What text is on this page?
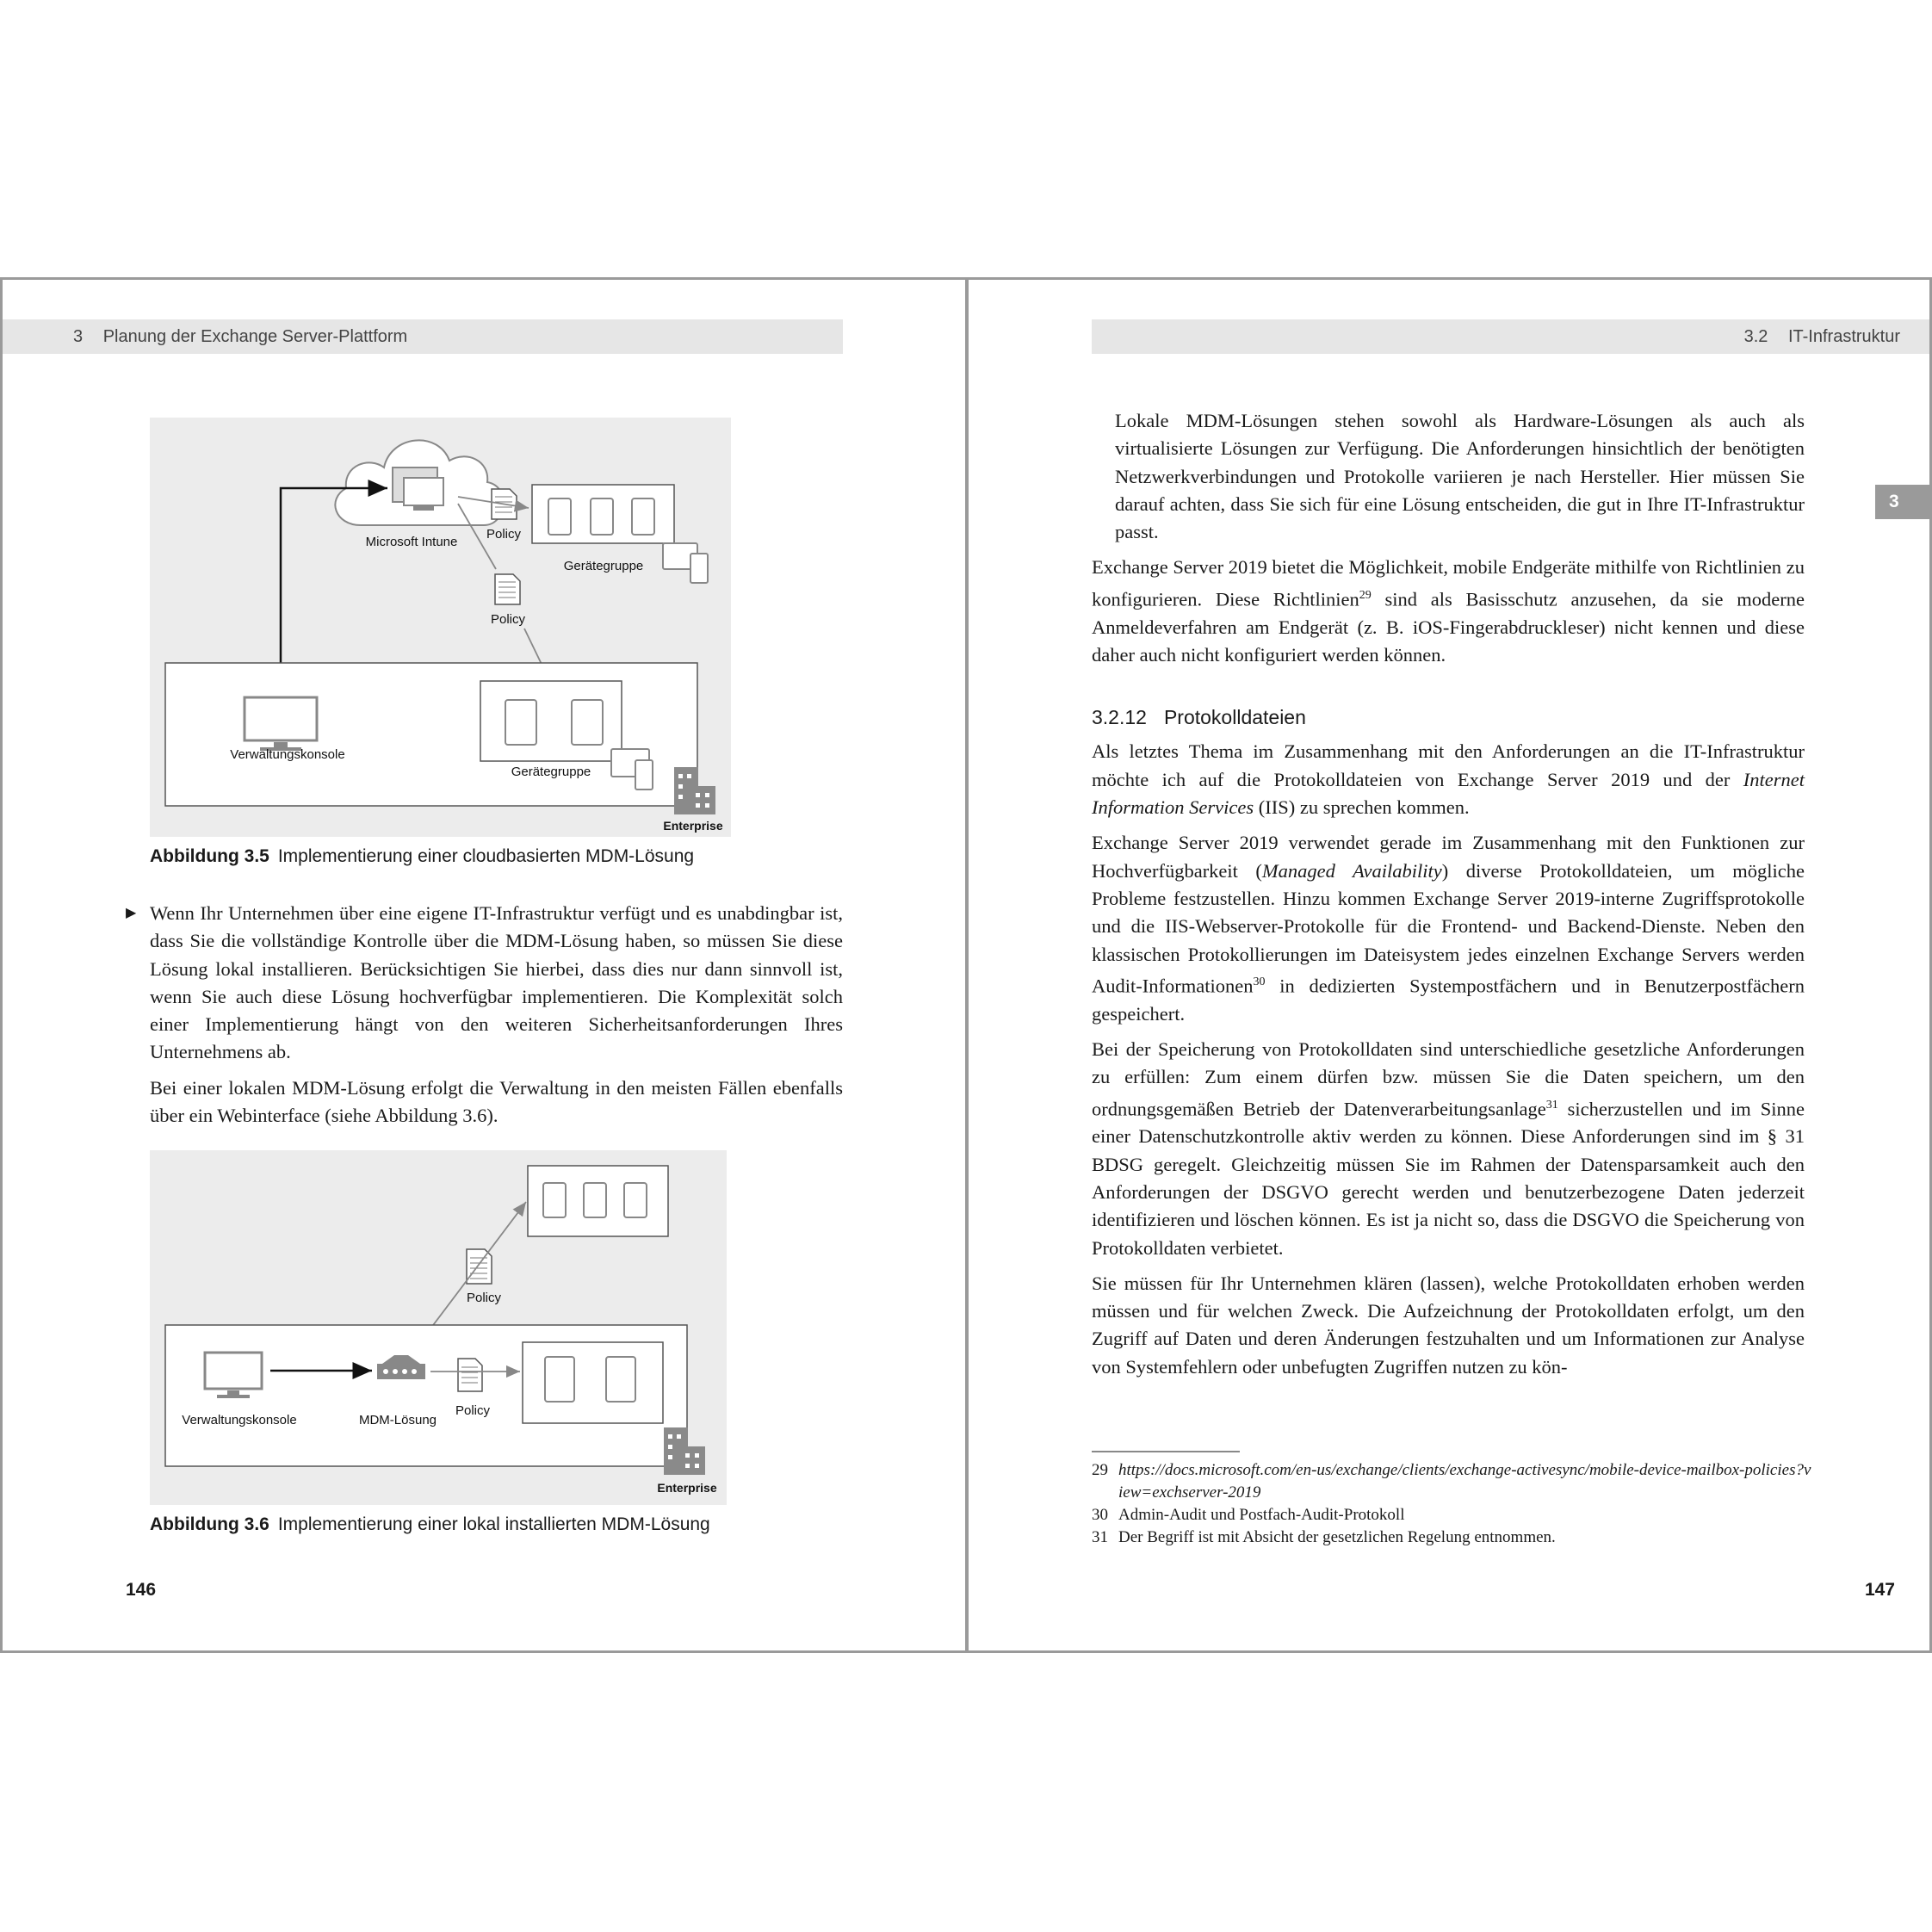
3 Planung der Exchange Server-Plattform
Policy
Gerätegruppe
Microsoft Intune
Policy
Verwaltungskonsole
Gerätegruppe
Enterprise
Abbildung 3.5 Implementierung einer cloudbasierten MDM-Lösung

▶ Wenn Ihr Unternehmen über eine eigene IT-Infrastruktur verfügt und es unabdingbar ist, dass Sie die vollständige Kontrolle über die MDM-Lösung haben, so müssen Sie diese Lösung lokal installieren. Berücksichtigen Sie hierbei, dass dies nur dann sinnvoll ist, wenn Sie auch diese Lösung hochverfügbar implementieren. Die Komplexität solch einer Implementierung hängt von den weiteren Sicherheitsanforderungen Ihres Unternehmens ab.

Bei einer lokalen MDM-Lösung erfolgt die Verwaltung in den meisten Fällen ebenfalls über ein Webinterface (siehe Abbildung 3.6).

Policy
Verwaltungskonsole	MDM-Lösung
Policy
Enterprise
Abbildung 3.6 Implementierung einer lokal installierten MDM-Lösung
146
3.2 IT-Infrastruktur

Lokale MDM-Lösungen stehen sowohl als Hardware-Lösungen als auch als virtualisierte Lösungen zur Verfügung. Die Anforderungen hinsichtlich der benötigten Netzwerkverbindungen und Protokolle variieren je nach Hersteller. Hier müssen Sie darauf achten, dass Sie sich für eine Lösung entscheiden, die gut in Ihre IT-Infrastruktur passt.

Exchange Server 2019 bietet die Möglichkeit, mobile Endgeräte mithilfe von Richtlinien zu konfigurieren. Diese Richtlinien$^{29}$ sind als Basisschutz anzusehen, da sie moderne Anmeldeverfahren am Endgerät (z. B. iOS-Fingerabdruckleser) nicht kennen und diese daher auch nicht konfiguriert werden können.

3.2.12 Protokolldateien

Als letztes Thema im Zusammenhang mit den Anforderungen an die IT-Infrastruktur möchte ich auf die Protokolldateien von Exchange Server 2019 und der Internet Information Services (IIS) zu sprechen kommen.

Exchange Server 2019 verwendet gerade im Zusammenhang mit den Funktionen zur Hochverfügbarkeit (Managed Availability) diverse Protokolldateien, um mögliche Probleme festzustellen. Hinzu kommen Exchange Server 2019-interne Zugriffsprotokolle und die IIS-Webserver-Protokolle für die Frontend- und Backend-Dienste. Neben den klassischen Protokollierungen im Dateisystem jedes einzelnen Exchange Servers werden Audit-Informationen$^{30}$ in dedizierten Systempostfächern und in Benutzerpostfächern gespeichert.

Bei der Speicherung von Protokolldaten sind unterschiedliche gesetzliche Anforderungen zu erfüllen: Zum einem dürfen bzw. müssen Sie die Daten speichern, um den ordnungsgemäßen Betrieb der Datenverarbeitungsanlage$^{31}$ sicherzustellen und im Sinne einer Datenschutzkontrolle aktiv werden zu können. Diese Anforderungen sind im § 31 BDSG geregelt. Gleichzeitig müssen Sie im Rahmen der Datensparsamkeit auch den Anforderungen der DSGVO gerecht werden und benutzerbezogene Daten jederzeit identifizieren und löschen können. Es ist ja nicht so, dass die DSGVO die Speicherung von Protokolldaten verbietet.

Sie müssen für Ihr Unternehmen klären (lassen), welche Protokolldaten erhoben werden müssen und für welchen Zweck. Die Aufzeichnung der Protokolldaten erfolgt, um den Zugriff auf Daten und deren Änderungen festzuhalten und um Informationen zur Analyse von Systemfehlern oder unbefugten Zugriffen nutzen zu kön-

29 https://docs.microsoft.com/en-us/exchange/clients/exchange-activesync/mobile-device-mailbox-policies?view=exchserver-2019
30 Admin-Audit und Postfach-Audit-Protokoll
31 Der Begriff ist mit Absicht der gesetzlichen Regelung entnommen.
147
3
